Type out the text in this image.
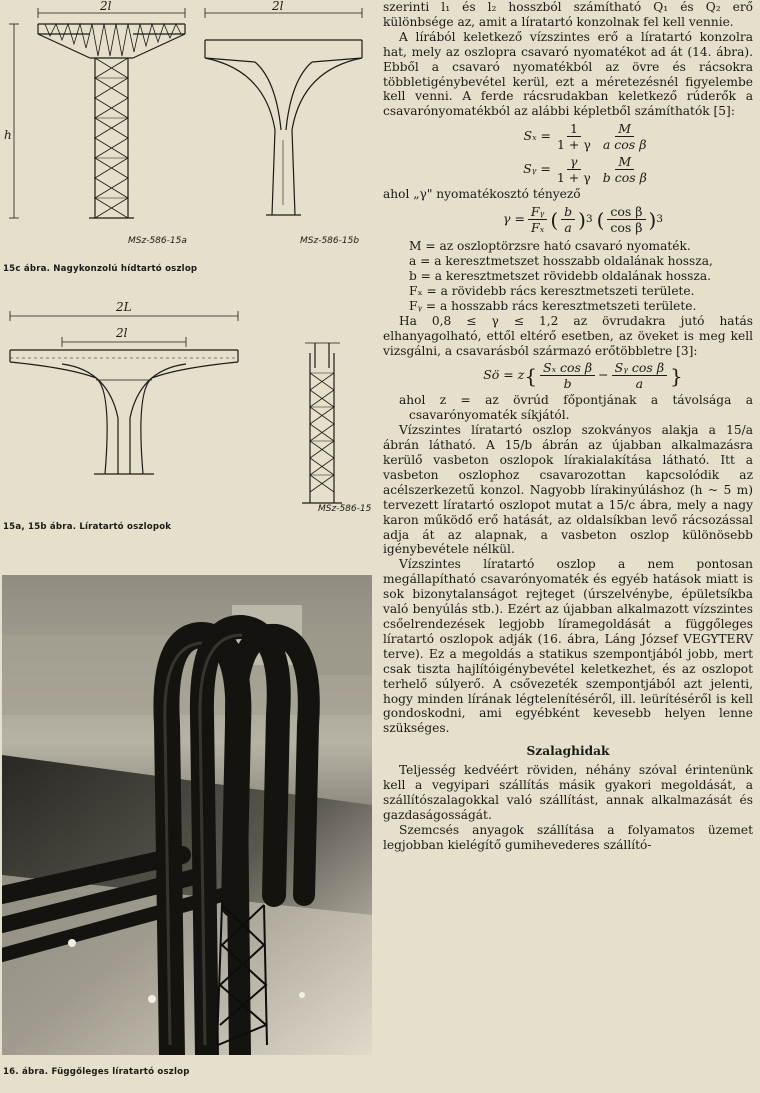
2l	2l
h
MSz-586-15a	MSz-586-15b
15c ábra. Nagykonzolú hídtartó oszlop
2L
2l
MSz-586-15
15a, 15b ábra. Líratartó oszlopok
16. ábra. Függőleges líratartó oszlop

szerinti l₁ és l₂ hosszból számítható Q₁ és Q₂ erő különbsége az, amit a líratartó konzolnak fel kell vennie.

A lírából keletkező vízszintes erő a líratartó konzolra hat, mely az oszlopra csavaró nyomatékot ad át (14. ábra). Ebből a csavaró nyomatékból az övre és rácsokra többletigénybevétel kerül, ezt a méretezésnél figyelembe kell venni. A ferde rácsrudakban keletkező rúderők a csavarónyomatékból az alábbi képletből számíthatók [5]:

$S_x = \frac{1}{1 + \gamma} \frac{M}{\text{a cos β}}$
Sᵧ = $\frac{\gamma}{1 + \gamma} \frac{M}{\text{b cos β}}$

ahol „γ" nyomatékosztó tényező

$\gamma = \frac{\text{Fᵧ}}{\text{Fₓ}}$ ( $\frac{b}{a}$ ) 3 ( $\frac{\text{cos β}}{\text{cos β}}$ ) 3

M = az oszloptörzsre ható csavaró nyomaték.

a = a keresztmetszet hosszabb oldalának hossza,

b = a keresztmetszet rövidebb oldalának hossza.

Fₓ = a rövidebb rács keresztmetszeti területe.

Fᵧ = a hosszabb rács keresztmetszeti területe.

Ha 0,8 ≤ γ ≤ 1,2 az övrudakra jutó hatás elhanyagolható, ettől eltérő esetben, az öveket is meg kell vizsgálni, a csavarásból származó erőtöbbletre [3]:

Sö = z { $\frac{\text{Sₓ cos β}}{b} - \frac{\text{Sᵧ cos β}}{a}$ }

ahol z = az övrúd főpontjának a távolsága a csavarónyomaték síkjától.

Vízszintes líratartó oszlop szokványos alakja a 15/a ábrán látható. A 15/b ábrán az újabban alkalmazásra kerülő vasbeton oszlopok lírakialakítása látható. Itt a vasbeton oszlophoz csavarozottan kapcsolódik az acélszerkezetű konzol. Nagyobb lírakinyúláshoz (h ~ 5 m) tervezett líratartó oszlopot mutat a 15/c ábra, mely a nagy karon működő erő hatását, az oldalsíkban levő rácsozással adja át az alapnak, a vasbeton oszlop különösebb igénybevétele nélkül.

Vízszintes líratartó oszlop a nem pontosan megállapítható csavarónyomaték és egyéb hatások miatt is sok bizonytalanságot rejteget (úrszelvénybe, épületsíkba való benyúlás stb.). Ezért az újabban alkalmazott vízszintes csőelrendezések legjobb líramegoldását a függőleges líratartó oszlopok adják (16. ábra, Láng József VEGYTERV terve). Ez a megoldás a statikus szempontjából jobb, mert csak tiszta hajlítóigénybevétel keletkezhet, és az oszlopot terhelő súlyerő. A csővezeték szempontjából azt jelenti, hogy minden lírának légtelenítéséről, ill. leürítéséről is kell gondoskodni, ami egyébként kevesebb helyen lenne szükséges.

Szalaghidak

Teljesség kedvéért röviden, néhány szóval érintenünk kell a vegyipari szállítás másik gyakori megoldását, a szállítószalagokkal való szállítást, annak alkalmazását és gazdaságosságát.

Szemcsés anyagok szállítása a folyamatos üzemet legjobban kielégítő gumihevederes szállító-
